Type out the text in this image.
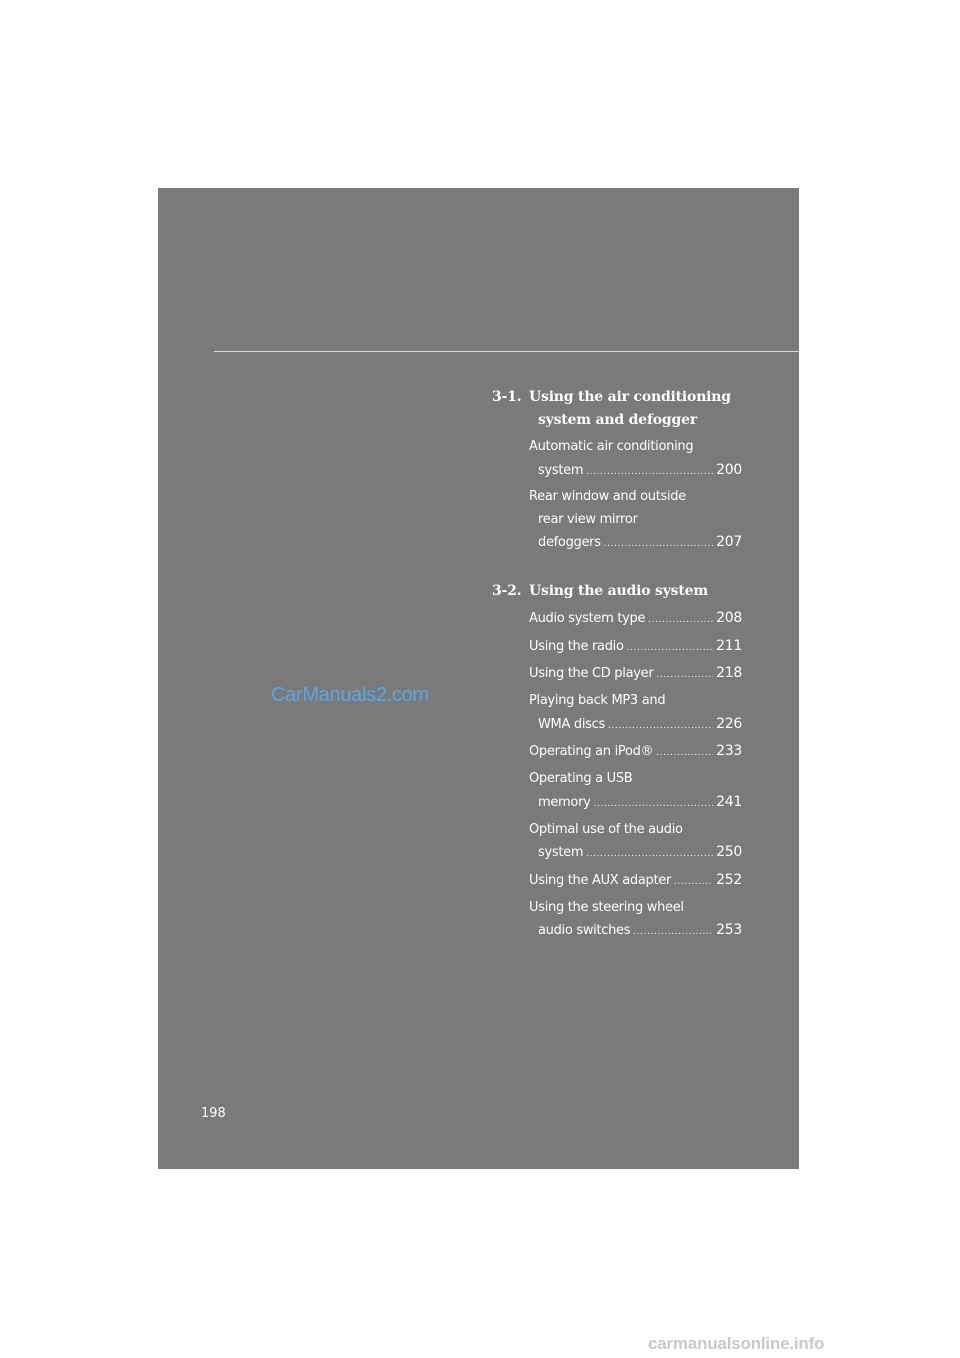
3-1. Using the air conditioning
system and defogger
Automatic air conditioning
system .....	200
Rear window and outside
rear view mirror
defoggers .....	207
3-2. Using the audio system
Audio system type .....	208
Using the radio .....	211
Using the CD player .....	218
Playing back MP3 and
WMA discs .....	226
Operating an iPod® .....	233
Operating a USB
memory .....	241
Optimal use of the audio
system .....	250
Using the AUX adapter .....	252
Using the steering wheel
audio switches .....	253
CarManuals2.com
198
carmanualsonline.info
